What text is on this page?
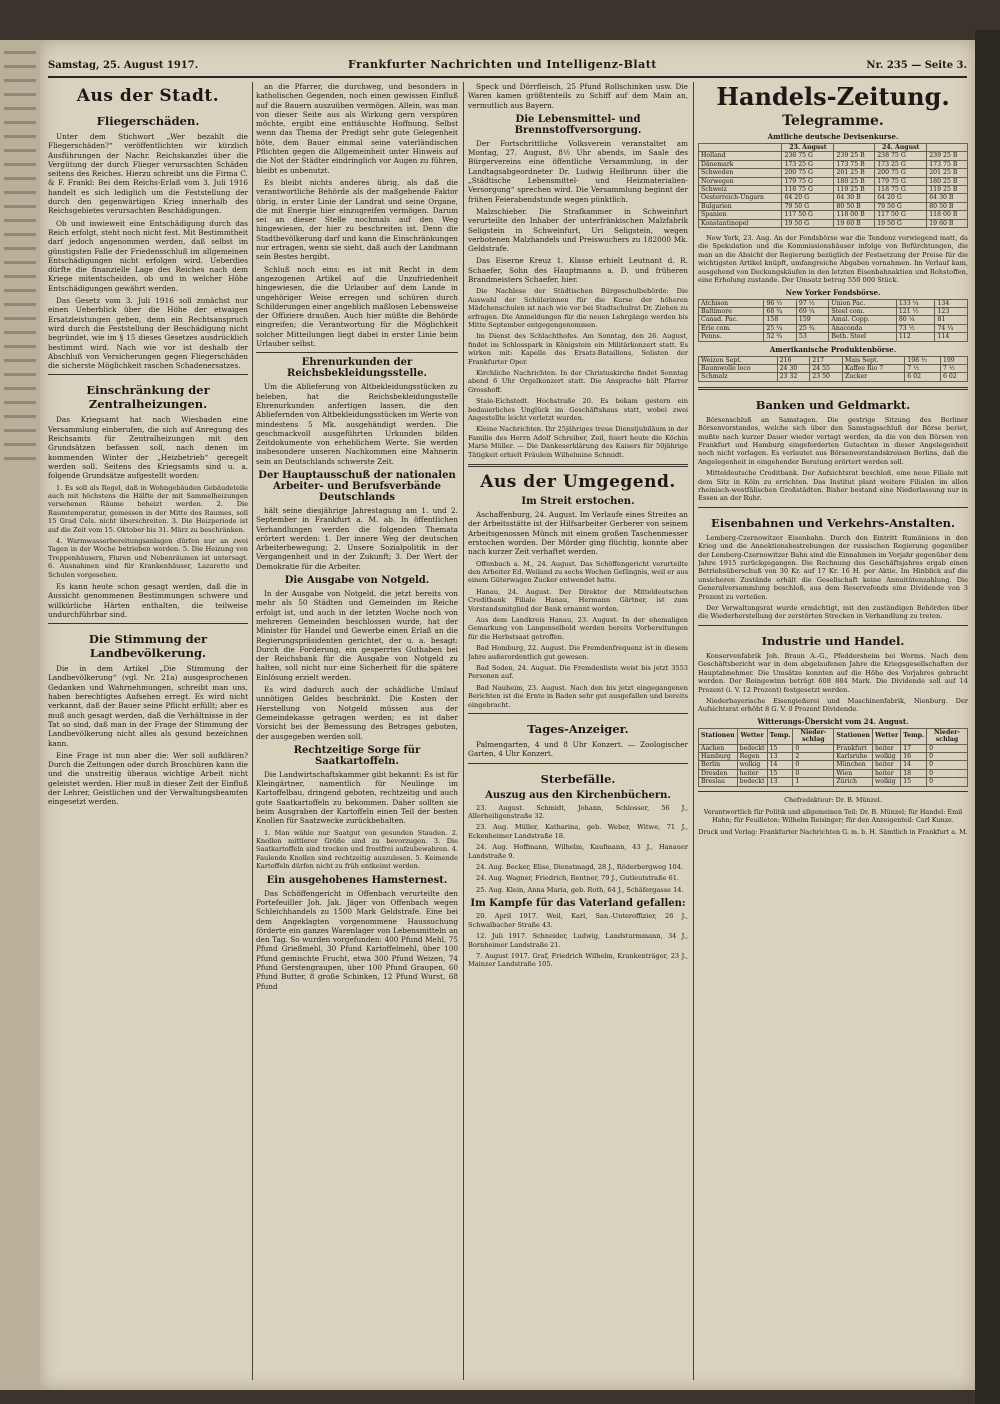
Samstag, 25. August 1917.	Frankfurter Nachrichten und Intelligenz-Blatt	Nr. 235 — Seite 3.
Aus der Stadt.
Fliegerschäden.

Unter dem Stichwort „Wer bezahlt die Fliegerschäden?“ veröffentlichten wir kürzlich Ausführungen der Nachr. Reichskanzlei über die Vergütung der durch Flieger verursachten Schäden seitens des Reiches. Hierzu schreibt uns die Firma C. & F. Frankl: Bei dem Reichs-Erlaß vom 3. Juli 1916 handelt es sich lediglich um die Feststellung der durch den gegenwärtigen Krieg innerhalb des Reichsgebietes verursachten Beschädigungen.

Ob und inwieweit eine Entschädigung durch das Reich erfolgt, steht noch nicht fest. Mit Bestimmtheit darf jedoch angenommen werden, daß selbst im günstigsten Falle der Friedensschluß im allgemeinen Entschädigungen nicht erfolgen wird. Ueberdies dürfte die finanzielle Lage des Reiches nach dem Kriege mitentscheiden, ob und in welcher Höhe Entschädigungen gewährt werden.

Das Gesetz vom 3. Juli 1916 soll zunächst nur einen Ueberblick über die Höhe der etwaigen Ersatzleistungen geben, denn ein Rechtsanspruch wird durch die Feststellung der Beschädigung nicht begründet, wie im § 15 dieses Gesetzes ausdrücklich bestimmt wird. Nach wie vor ist deshalb der Abschluß von Versicherungen gegen Fliegerschäden die sicherste Möglichkeit raschen Schadenersatzes.

Einschränkung der Zentralheizungen.

Das Kriegsamt hat nach Wiesbaden eine Versammlung einberufen, die sich auf Anregung des Reichsamts für Zentralheizungen mit den Grundsätzen befassen soll, nach denen im kommenden Winter der „Heizbetrieb“ geregelt werden soll. Seitens des Kriegsamts sind u. a. folgende Grundsätze aufgestellt worden:

1. Es soll als Regel, daß in Wohngebäuden Gebäudeteile auch mit höchstens die Hälfte der mit Sammelheizungen versehenen Räume beheizt werden. 2. Die Raumtemperatur, gemessen in der Mitte des Raumes, soll 15 Grad Cels. nicht überschreiten. 3. Die Heizperiode ist auf die Zeit vom 15. Oktober bis 31. März zu beschränken.

4. Warmwasserbereitungsanlagen dürfen nur an zwei Tagen in der Woche betrieben werden. 5. Die Heizung von Treppenhäusern, Fluren und Nebenräumen ist untersagt. 6. Ausnahmen sind für Krankenhäuser, Lazarette und Schulen vorgesehen.

Es kann heute schon gesagt werden, daß die in Aussicht genommenen Bestimmungen schwere und willkürliche Härten enthalten, die teilweise undurchführbar sind.

Die Stimmung der Landbevölkerung.

Die in dem Artikel „Die Stimmung der Landbevölkerung“ (vgl. Nr. 21a) ausgesprochenen Gedanken und Wahrnehmungen, schreibt man uns, haben berechtigtes Aufsehen erregt. Es wird nicht verkannt, daß der Bauer seine Pflicht erfüllt; aber es muß auch gesagt werden, daß die Verhältnisse in der Tat so sind, daß man in der Frage der Stimmung der Landbevölkerung nicht alles als gesund bezeichnen kann.

Eine Frage ist nun aber die: Wer soll aufklären? Durch die Zeitungen oder durch Broschüren kann die und die unstreitig überaus wichtige Arbeit nicht geleistet werden. Hier muß in dieser Zeit der Einfluß der Lehrer, Geistlichen und der Verwaltungsbeamten eingesetzt werden.

an die Pfarrer, die durchweg, und besonders in katholischen Gegenden, noch einen gewissen Einfluß auf die Bauern auszuüben vermögen. Allein, was man von dieser Seite aus als Wirkung gern verspüren möchte, ergibt eine enttäuschte Hoffnung. Selbst wenn das Thema der Predigt sehr gute Gelegenheit böte, dem Bauer einmal seine vaterländischen Pflichten gegen die Allgemeinheit unter Hinweis auf die Not der Städter eindringlich vor Augen zu führen, bleibt es unbenutzt.

Es bleibt nichts anderes übrig, als daß die verantwortliche Behörde als der maßgebende Faktor übrig, in erster Linie der Landrat und seine Organe, die mit Energie hier einzugreifen vermögen. Darum sei an dieser Stelle nochmals auf den Weg hingewiesen, der hier zu beschreiten ist. Denn die Stadtbevölkerung darf und kann die Einschränkungen nur ertragen, wenn sie sieht, daß auch der Landmann sein Bestes hergibt.

Schluß noch eins: es ist mit Recht in dem angezogenen Artikel auf die Unzufriedenheit hingewiesen, die die Urlauber auf dem Lande in ungehöriger Weise erregen und schüren durch Schilderungen einer angeblich maßlosen Lebensweise der Offiziere draußen. Auch hier müßte die Behörde eingreifen; die Verantwortung für die Möglichkeit solcher Mitteilungen liegt dabei in erster Linie beim Urlauber selbst.

Ehrenurkunden der Reichsbekleidungsstelle.

Um die Ablieferung von Altbekleidungsstücken zu beleben, hat die Reichsbekleidungsstelle Ehrenurkunden anfertigen lassen, die den Abliefernden von Altbekleidungsstücken im Werte von mindestens 5 Mk. ausgehändigt werden. Die geschmackvoll ausgeführten Urkunden bilden Zeitdokumente von erheblichem Werte. Sie werden insbesondere unseren Nachkommen eine Mahnerin sein an Deutschlands schwerste Zeit.

Der Hauptausschuß der nationalen Arbeiter- und Berufsverbände Deutschlands

hält seine diesjährige Jahrestagung am 1. und 2. September in Frankfurt a. M. ab. In öffentlichen Verhandlungen werden die folgenden Themata erörtert werden: 1. Der innere Weg der deutschen Arbeiterbewegung; 2. Unsere Sozialpolitik in der Vergangenheit und in der Zukunft; 3. Der Wert der Demokratie für die Arbeiter.

Die Ausgabe von Notgeld.

In der Ausgabe von Notgeld, die jetzt bereits von mehr als 50 Städten und Gemeinden im Reiche erfolgt ist, und auch in der letzten Woche noch von mehreren Gemeinden beschlossen wurde, hat der Minister für Handel und Gewerbe einen Erlaß an die Regierungspräsidenten gerichtet, der u. a. besagt: Durch die Forderung, ein gesperrtes Guthaben bei der Reichsbank für die Ausgabe von Notgeld zu halten, soll nicht nur eine Sicherheit für die spätere Einlösung erzielt werden.

Es wird dadurch auch der schädliche Umlauf unnötigen Geldes beschränkt. Die Kosten der Herstellung von Notgeld müssen aus der Gemeindekasse getragen werden; es ist daher Vorsicht bei der Bemessung des Betrages geboten, der ausgegeben werden soll.

Rechtzeitige Sorge für Saatkartoffeln.

Die Landwirtschaftskammer gibt bekannt: Es ist für Kleingärtner, namentlich für Neulinge im Kartoffelbau, dringend geboten, rechtzeitig und auch gute Saatkartoffeln zu bekommen. Daher sollten sie beim Ausgraben der Kartoffeln einen Teil der besten Knollen für Saatzwecke zurückbehalten.

1. Man wähle nur Saatgut von gesunden Stauden. 2. Knollen mittlerer Größe sind zu bevorzugen. 3. Die Saatkartoffeln sind trocken und frostfrei aufzubewahren. 4. Faulende Knollen sind rechtzeitig auszulesen. 5. Keimende Kartoffeln dürfen nicht zu früh entkeimt werden.

Ein ausgehobenes Hamsternest.

Das Schöffengericht in Offenbach verurteilte den Portefeuiller Joh. Jak. Jäger von Offenbach wegen Schleichhandels zu 1500 Mark Geldstrafe. Eine bei dem Angeklagten vorgenommene Haussuchung förderte ein ganzes Warenlager von Lebensmitteln an den Tag. So wurden vorgefunden: 400 Pfund Mehl, 75 Pfund Grießmehl, 30 Pfund Kartoffelmehl, über 100 Pfund gemischte Frucht, etwa 300 Pfund Weizen, 74 Pfund Gerstengraupen, über 100 Pfund Graupen, 60 Pfund Butter, 8 große Schinken, 12 Pfund Wurst, 68 Pfund

Speck und Dörrfleisch, 25 Pfund Rollschinken usw. Die Waren kamen größtenteils zu Schiff auf dem Main an, vermutlich aus Bayern.

Die Lebensmittel- und Brennstoffversorgung.

Der Fortschrittliche Volksverein veranstaltet am Montag, 27. August, 8½ Uhr abends, im Saale des Bürgervereins eine öffentliche Versammlung, in der Landtagsabgeordneter Dr. Ludwig Heilbrunn über die „Städtische Lebensmittel- und Heizmaterialien-Versorgung“ sprechen wird. Die Versammlung beginnt der frühen Feierabendstunde wegen pünktlich.

Malzschieber. Die Strafkammer in Schweinfurt verurteilte den Inhaber der unterfränkischen Malzfabrik Seligstein in Schweinfurt, Uri Seligstein, wegen verbotenen Malzhandels und Preiswuchers zu 182000 Mk. Geldstrafe.

Das Eiserne Kreuz 1. Klasse erhielt Leutnant d. R. Schaefer, Sohn des Hauptmanns a. D. und früheren Brandmeisters Schaefer, hier.

Die Nachlese der Städtischen Bürgeschulbehörde: Die Auswahl der Schülerinnen für die Kurse der höheren Mädchenschulen ist nach wie vor bei Stadtschulrat Dr. Ziehen zu erfragen. Die Anmeldungen für die neuen Lehrgänge werden bis Mitte September entgegengenommen.

Im Dienst des Schlachthofes. Am Sonntag, den 26. August, findet im Schlosspark in Königstein ein Militärkonzert statt. Es wirken mit: Kapelle des Ersatz-Bataillons, Solisten der Frankfurter Oper.

Kirchliche Nachrichten. In der Christuskirche findet Sonntag abend 6 Uhr Orgelkonzert statt. Die Ansprache hält Pfarrer Grosshoff.

Stale-Eichstedt. Hochstraße 20. Es bekam gestern ein bedauerliches Unglück im Geschäftshaus statt, wobei zwei Angestellte leicht verletzt wurden.

Kleine Nachrichten. Ihr 25jähriges treue Dienstjubiläum in der Familie des Herrn Adolf Schreiber, Zeil, feiert heute die Köchin Marie Müller. — Die Dankeserklärung des Kaisers für 50jährige Tätigkeit erhielt Fräulein Wilhelmine Schmidt.

Aus der Umgegend.
Im Streit erstochen.

Aschaffenburg, 24. August. Im Verlaufe eines Streites an der Arbeitsstätte ist der Hilfsarbeiter Gerberer von seinem Arbeitsgenossen Münch mit einem großen Taschenmesser erstochen worden. Der Mörder ging flüchtig, konnte aber nach kurzer Zeit verhaftet werden.

Offenbach a. M., 24. August. Das Schöffengericht verurteilte den Arbeiter Ed. Weiland zu sechs Wochen Gefängnis, weil er aus einem Güterwagen Zucker entwendet hatte.

Hanau, 24. August. Der Direktor der Mitteldeutschen Creditbank Filiale Hanau, Hermann Gärtner, ist zum Vorstandsmitglied der Bank ernannt worden.

Aus dem Landkreis Hanau, 23. August. In der ehemaligen Gemarkung von Langenselbold werden bereits Vorbereitungen für die Herbstsaat getroffen.

Bad Homburg, 22. August. Die Fremdenfrequenz ist in diesem Jahre außerordentlich gut gewesen.

Bad Soden, 24. August. Die Fremdenliste weist bis jetzt 3553 Personen auf.

Bad Nauheim, 23. August. Nach den bis jetzt eingegangenen Berichten ist die Ernte in Baden sehr gut ausgefallen und bereits eingebracht.

Tages-Anzeiger.

Palmengarten, 4 und 8 Uhr Konzert. — Zoologischer Garten, 4 Uhr Konzert.

Sterbefälle.
Auszug aus den Kirchenbüchern.

23. August. Schmidt, Johann, Schlosser, 56 J., Allerheiligenstraße 32.

23. Aug. Müller, Katharina, geb. Weber, Witwe, 71 J., Eckenheimer Landstraße 18.

24. Aug. Hoffmann, Wilhelm, Kaufmann, 43 J., Hanauer Landstraße 9.

24. Aug. Becker, Elise, Dienstmagd, 28 J., Röderbergweg 104.

24. Aug. Wagner, Friedrich, Rentner, 79 J., Gutleutstraße 61.

25. Aug. Klein, Anna Maria, geb. Roth, 64 J., Schäfergasse 14.

Im Kampfe für das Vaterland gefallen:

20. April 1917. Weil, Karl, San.-Unteroffizier, 26 J., Schwalbacher Straße 43.

12. Juli 1917. Schneider, Ludwig, Landsturmmann, 34 J., Bornheimer Landstraße 21.

7. August 1917. Graf, Friedrich Wilhelm, Krankenträger, 23 J., Mainzer Landstraße 105.

Handels-Zeitung.
Telegramme.
Amtliche deutsche Devisenkurse.
	23. August		24. August	
Holland	238 75 G	239 25 B	238 75 G	239 25 B
Dänemark	173 25 G	173 75 B	173 25 G	173 75 B
Schweden	200 75 G	201 25 B	200 75 G	201 25 B
Norwegen	179 75 G	180 25 B	179 75 G	180 25 B
Schweiz	118 75 G	119 25 B	118 75 G	119 25 B
Oesterreich-Ungarn	64 20 G	64 30 B	64 20 G	64 30 B
Bulgarien	79 50 G	80 50 B	79 50 G	80 50 B
Spanien	117 50 G	118 00 B	117 50 G	118 00 B
Konstantinopel	19 50 G	19 60 B	19 50 G	19 60 B

New York, 23. Aug. An der Fondsbörse war die Tendenz vorwiegend matt, da die Spekulation und die Kommissionshäuser infolge von Befürchtungen, die man an die Absicht der Regierung bezüglich der Festsetzung der Preise für die wichtigsten Artikel knüpft, umfangreiche Abgaben vornahmen. Im Verlauf kam, ausgehend von Deckungskäufen in den letzten Eisenbahnaktien und Rohstoffen, eine Erholung zustande. Der Umsatz betrug 550 000 Stück.

New Yorker Fondsbörse.
Atchison	96 ½	97 ½	Union Pac.	133 ¼	134
Baltimore	68 ¾	69 ¼	Steel com.	121 ½	123
Canad. Pac.	158	159	Amal. Copp.	80 ¼	81
Erie com.	25 ¼	25 ¾	Anaconda	73 ½	74 ¼
Penns.	52 ¾	53	Beth. Steel	112	114
Amerikanische Produktenbörse.
Weizen Sept.	216	217	Mais Sept.	198 ½	199
Baumwolle loco	24 30	24 55	Kaffee Rio 7	7 ½	7 ½
Schmalz	23 32	23 50	Zucker	6 02	6 02
Banken und Geldmarkt.

Börsenschluß an Samstagen. Die gestrige Sitzung des Berliner Börsenvorstandes, welche sich über den Samstagsschluß der Börse beriet, mußte nach kurzer Dauer wieder vertagt werden, da die von den Börsen von Frankfurt und Hamburg eingeforderten Gutachten in dieser Angelegenheit noch nicht vorlagen. Es verlautet aus Börsenvorstandskreisen Berlins, daß die Angelegenheit in eingehender Beratung erörtert werden soll.

Mitteldeutsche Creditbank. Der Aufsichtsrat beschloß, eine neue Filiale mit dem Sitz in Köln zu errichten. Das Institut plant weitere Filialen im allen rheinisch-westfälischen Großstädten. Bisher bestand eine Niederlassung nur in Essen an der Ruhr.

Eisenbahnen und Verkehrs-Anstalten.

Lemberg-Czernowitzer Eisenbahn. Durch den Eintritt Rumäniens in den Krieg und die Annektionsbestrebungen der russischen Regierung gegenüber der Lemberg-Czernowitzer Bahn sind die Einnahmen im Vorjahr gegenüber dem Jahre 1915 zurückgegangen. Die Rechnung des Geschäftsjahres ergab einen Betriebsüberschuß von 30 Kr. auf 17 Kr. 16 H. per Aktie. Im Hinblick auf die unsicheren Zustände erhält die Gesellschaft keine Annuitätenzahlung. Die Generalversammlung beschloß, aus dem Reservefonds eine Dividende von 3 Prozent zu verteilen.

Der Verwaltungsrat wurde ermächtigt, mit den zuständigen Behörden über die Wiederherstellung der zerstörten Strecken in Verhandlung zu treten.

Industrie und Handel.

Konservenfabrik Joh. Braun A.-G., Pfeddersheim bei Worms. Nach dem Geschäftsbericht war in dem abgelaufenen Jahre die Kriegsgesellschaften der Hauptabnehmer. Die Umsätze konnten auf die Höhe des Vorjahres gebracht werden. Der Reingewinn beträgt 608 884 Mark. Die Dividende soll auf 14 Prozent (i. V. 12 Prozent) festgesetzt werden.

Niederbayerische Eisengießerei und Maschinenfabrik, Nienburg. Der Aufsichtsrat erhöht 8 G. V. 0 Prozent Dividende.

Witterungs-Übersicht vom 24. August.
Stationen	Wetter	Temp.	Nieder-schlag	Stationen	Wetter	Temp.	Nieder-schlag
Aachen	bedeckt	15	0	Frankfurt	heiter	17	0
Hamburg	Regen	13	2	Karlsruhe	wolkig	16	0
Berlin	wolkig	14	0	München	heiter	14	0
Dresden	heiter	15	0	Wien	heiter	18	0
Breslau	bedeckt	13	1	Zürich	wolkig	15	0
Chefredakteur: Dr. B. Münzel.
Verantwortlich für Politik und allgemeinen Teil: Dr. B. Münzel; für Handel: Emil Hahn; für Feuilleton: Wilhelm Reisinger; für den Anzeigenteil: Carl Kunze.
Druck und Verlag: Frankfurter Nachrichten G. m. b. H. Sämtlich in Frankfurt a. M.
